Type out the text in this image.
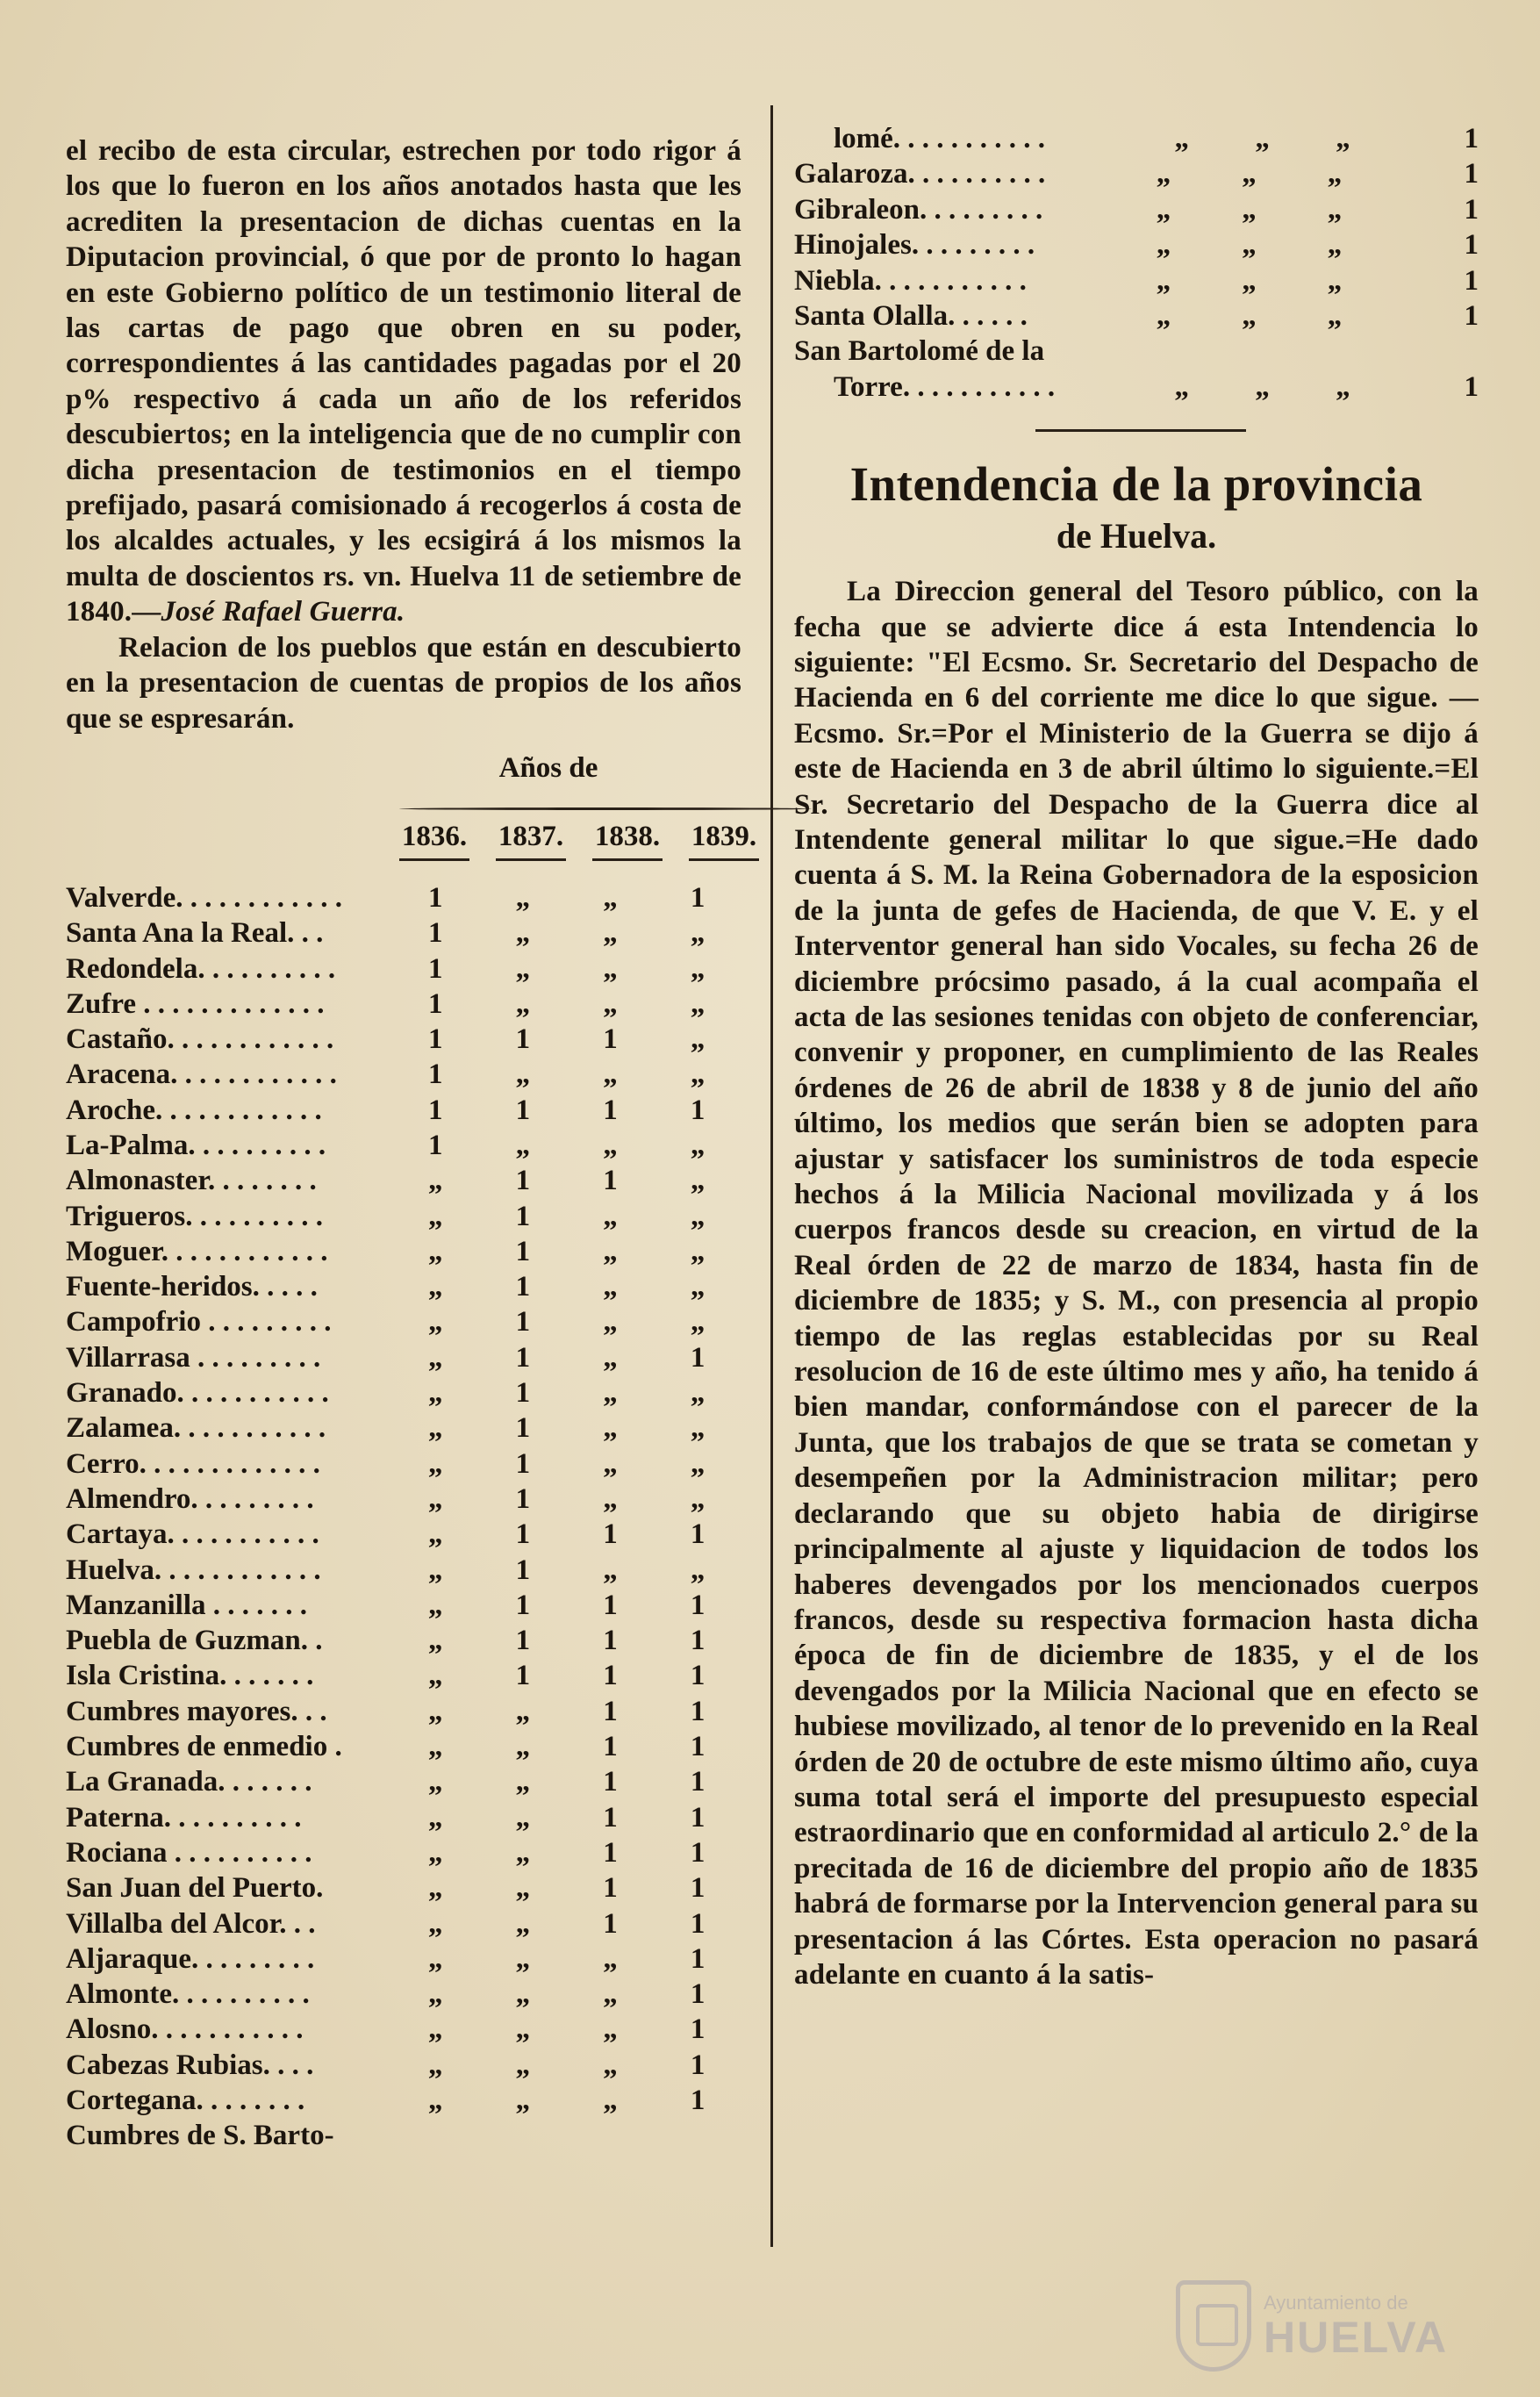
el recibo de esta circular, estrechen por todo rigor á los que lo fueron en los años anotados hasta que les acrediten la presentacion de dichas cuentas en la Diputacion provincial, ó que por de pronto lo hagan en este Gobierno político de un testimonio literal de las cartas de pago que obren en su poder, correspondientes á las cantidades pagadas por el 20 p% respectivo á cada un año de los referidos descubiertos; en la inteligencia que de no cumplir con dicha presentacion de testimonios en el tiempo prefijado, pasará comisionado á recogerlos á costa de los alcaldes actuales, y les ecsigirá á los mismos la multa de doscientos rs. vn. Huelva 11 de setiembre de 1840.—José Rafael Guerra.

Relacion de los pueblos que están en descubierto en la presentacion de cuentas de propios de los años que se espresarán.

Años de
1836.	1837.	1838.	1839.
Valverde. . . . . . . . . . . .	1	„	„	1
Santa Ana la Real. . .	1	„	„	„
Redondela. . . . . . . . . .	1	„	„	„
Zufre . . . . . . . . . . . . .	1	„	„	„
Castaño. . . . . . . . . . . .	1	1	1	„
Aracena. . . . . . . . . . . .	1	„	„	„
Aroche. . . . . . . . . . . .	1	1	1	1
La-Palma. . . . . . . . . .	1	„	„	„
Almonaster. . . . . . . .	„	1	1	„
Trigueros. . . . . . . . . .	„	1	„	„
Moguer. . . . . . . . . . . .	„	1	„	„
Fuente-heridos. . . . .	„	1	„	„
Campofrio . . . . . . . . .	„	1	„	„
Villarrasa . . . . . . . . .	„	1	„	1
Granado. . . . . . . . . . .	„	1	„	„
Zalamea. . . . . . . . . . .	„	1	„	„
Cerro. . . . . . . . . . . . .	„	1	„	„
Almendro. . . . . . . . .	„	1	„	„
Cartaya. . . . . . . . . . .	„	1	1	1
Huelva. . . . . . . . . . . .	„	1	„	„
Manzanilla . . . . . . .	„	1	1	1
Puebla de Guzman. .	„	1	1	1
Isla Cristina. . . . . . .	„	1	1	1
Cumbres mayores. . .	„	„	1	1
Cumbres de enmedio .	„	„	1	1
La Granada. . . . . . .	„	„	1	1
Paterna. . . . . . . . . .	„	„	1	1
Rociana . . . . . . . . . .	„	„	1	1
San Juan del Puerto.	„	„	1	1
Villalba del Alcor. . .	„	„	1	1
Aljaraque. . . . . . . . .	„	„	„	1
Almonte. . . . . . . . . .	„	„	„	1
Alosno. . . . . . . . . . .	„	„	„	1
Cabezas Rubias. . . .	„	„	„	1
Cortegana. . . . . . . .	„	„	„	1
Cumbres de S. Barto-
lomé. . . . . . . . . . .	„	„	„	1
Galaroza. . . . . . . . . .	„	„	„	1
Gibraleon. . . . . . . . .	„	„	„	1
Hinojales. . . . . . . . .	„	„	„	1
Niebla. . . . . . . . . . .	„	„	„	1
Santa Olalla. . . . . .	„	„	„	1
San Bartolomé de la
Torre. . . . . . . . . . .	„	„	„	1
Intendencia de la provincia
de Huelva.

La Direccion general del Tesoro público, con la fecha que se advierte dice á esta Intendencia lo siguiente: "El Ecsmo. Sr. Secretario del Despacho de Hacienda en 6 del corriente me dice lo que sigue. —Ecsmo. Sr.=Por el Ministerio de la Guerra se dijo á este de Hacienda en 3 de abril último lo siguiente.=El Sr. Secretario del Despacho de la Guerra dice al Intendente general militar lo que sigue.=He dado cuenta á S. M. la Reina Gobernadora de la esposicion de la junta de gefes de Hacienda, de que V. E. y el Interventor general han sido Vocales, su fecha 26 de diciembre prócsimo pasado, á la cual acompaña el acta de las sesiones tenidas con objeto de conferenciar, convenir y proponer, en cumplimiento de las Reales órdenes de 26 de abril de 1838 y 8 de junio del año último, los medios que serán bien se adopten para ajustar y satisfacer los suministros de toda especie hechos á la Milicia Nacional movilizada y á los cuerpos francos desde su creacion, en virtud de la Real órden de 22 de marzo de 1834, hasta fin de diciembre de 1835; y S. M., con presencia al propio tiempo de las reglas establecidas por su Real resolucion de 16 de este último mes y año, ha tenido á bien mandar, conformándose con el parecer de la Junta, que los trabajos de que se trata se cometan y desempeñen por la Administracion militar; pero declarando que su objeto habia de dirigirse principalmente al ajuste y liquidacion de todos los haberes devengados por los mencionados cuerpos francos, desde su respectiva formacion hasta dicha época de fin de diciembre de 1835, y el de los devengados por la Milicia Nacional que en efecto se hubiese movilizado, al tenor de lo prevenido en la Real órden de 20 de octubre de este mismo último año, cuya suma total será el importe del presupuesto especial estraordinario que en conformidad al articulo 2.° de la precitada de 16 de diciembre del propio año de 1835 habrá de formarse por la Intervencion general para su presentacion á las Córtes. Esta operacion no pasará adelante en cuanto á la satis-

Ayuntamiento de
HUELVA
